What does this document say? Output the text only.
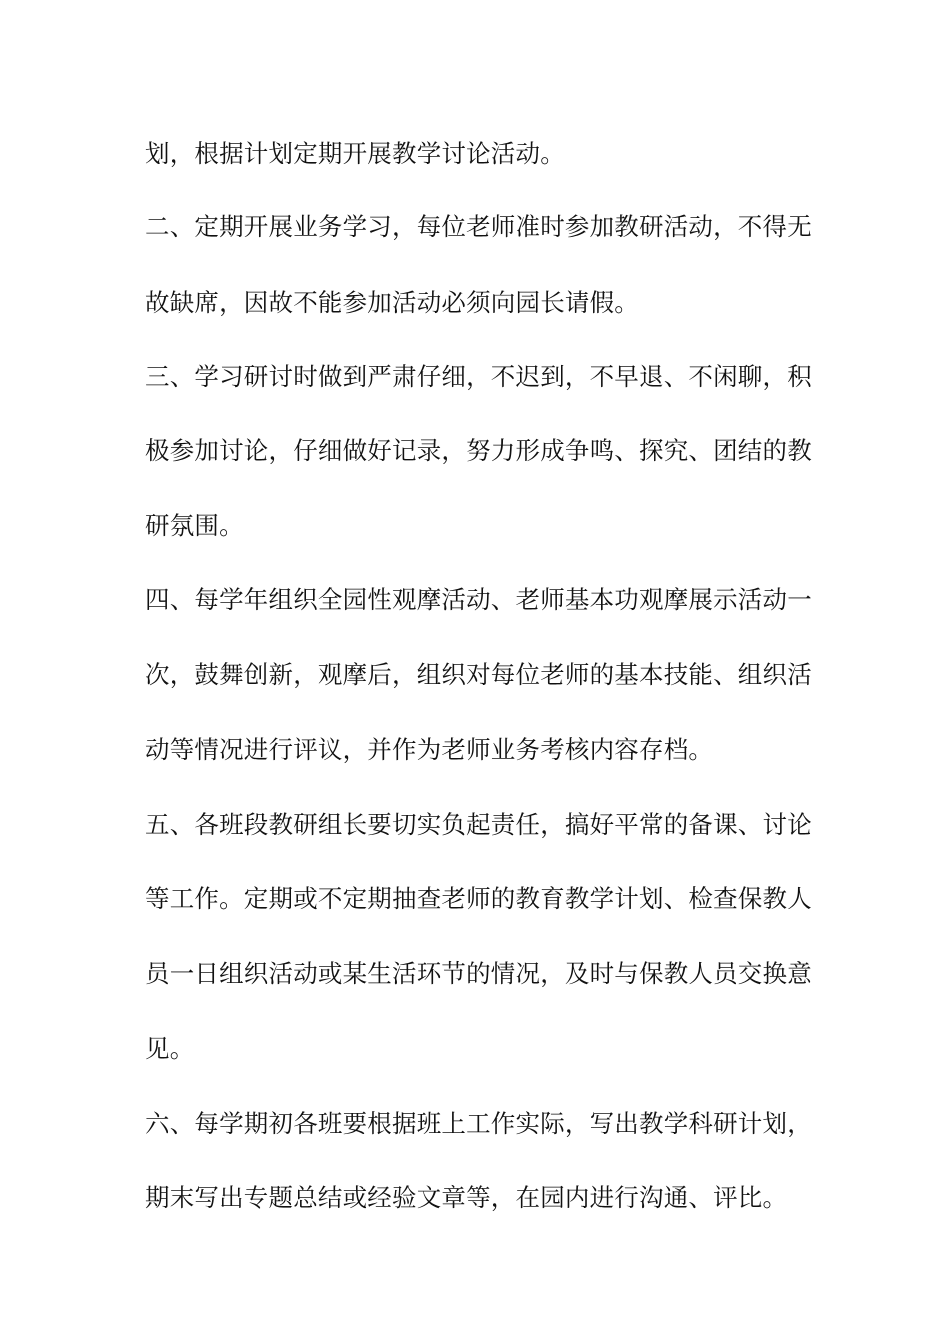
划，根据计划定期开展教学讨论活动。
二、定期开展业务学习，每位老师准时参加教研活动，不得无
故缺席，因故不能参加活动必须向园长请假。
三、学习研讨时做到严肃仔细，不迟到，不早退、不闲聊，积
极参加讨论，仔细做好记录，努力形成争鸣、探究、团结的教
研氛围。
四、每学年组织全园性观摩活动、老师基本功观摩展示活动一
次，鼓舞创新，观摩后，组织对每位老师的基本技能、组织活
动等情况进行评议，并作为老师业务考核内容存档。
五、各班段教研组长要切实负起责任，搞好平常的备课、讨论
等工作。定期或不定期抽查老师的教育教学计划、检查保教人
员一日组织活动或某生活环节的情况，及时与保教人员交换意
见。
六、每学期初各班要根据班上工作实际，写出教学科研计划，
期末写出专题总结或经验文章等，在园内进行沟通、评比。
